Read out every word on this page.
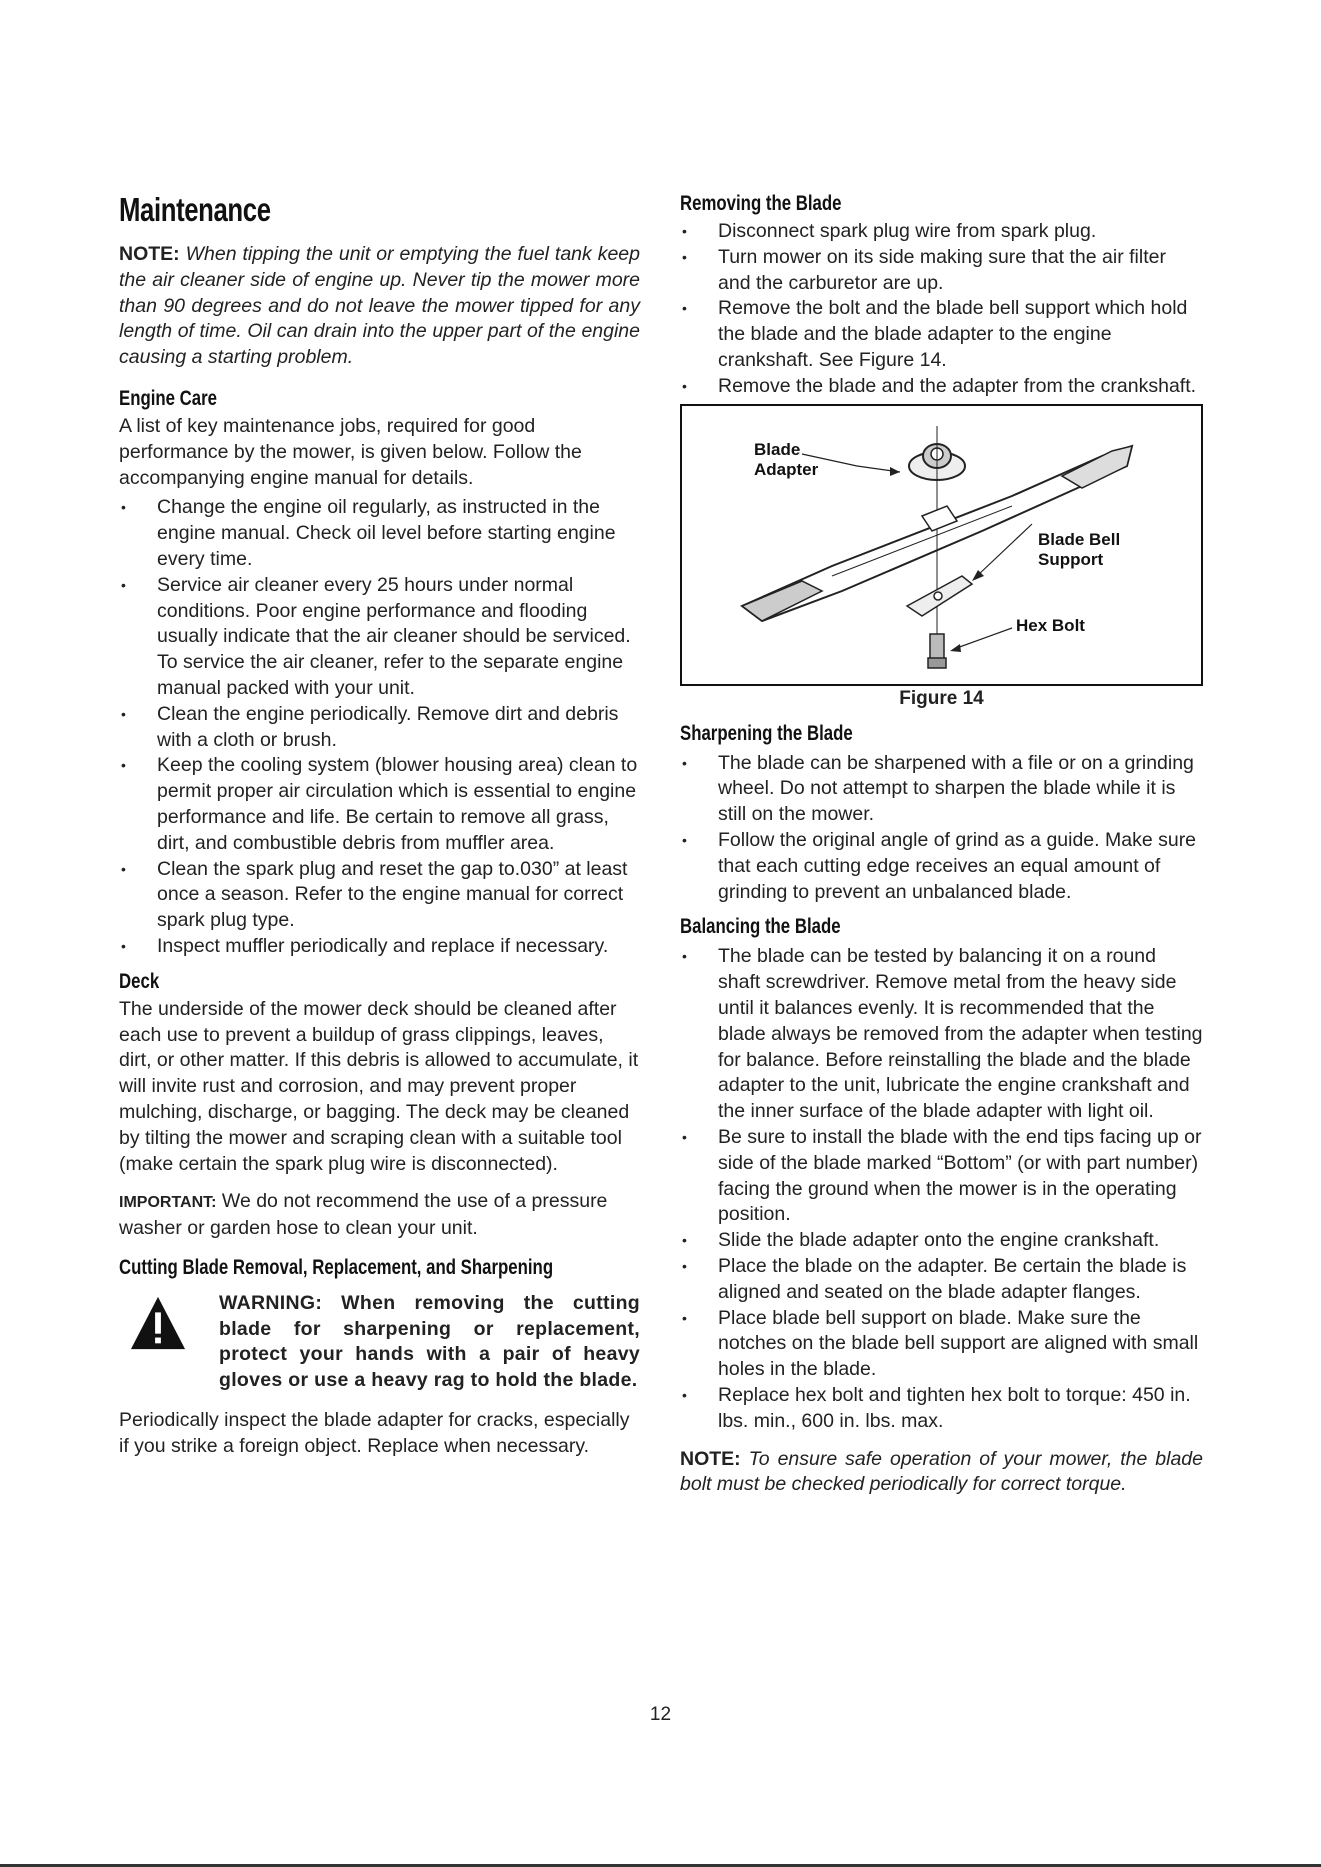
Maintenance

NOTE: When tipping the unit or emptying the fuel tank keep the air cleaner side of engine up. Never tip the mower more than 90 degrees and do not leave the mower tipped for any length of time. Oil can drain into the upper part of the engine causing a starting problem.

Engine Care

A list of key maintenance jobs, required for good performance by the mower, is given below. Follow the accompanying engine manual for details.

• Change the engine oil regularly, as instructed in the engine manual. Check oil level before starting engine every time.
• Service air cleaner every 25 hours under normal conditions. Poor engine performance and flooding usually indicate that the air cleaner should be serviced. To service the air cleaner, refer to the separate engine manual packed with your unit.
• Clean the engine periodically. Remove dirt and debris with a cloth or brush.
• Keep the cooling system (blower housing area) clean to permit proper air circulation which is essential to engine performance and life. Be certain to remove all grass, dirt, and combustible debris from muffler area.
• Clean the spark plug and reset the gap to.030” at least once a season. Refer to the engine manual for correct spark plug type.
• Inspect muffler periodically and replace if necessary.
Deck

The underside of the mower deck should be cleaned after each use to prevent a buildup of grass clippings, leaves, dirt, or other matter. If this debris is allowed to accumulate, it will invite rust and corrosion, and may prevent proper mulching, discharge, or bagging. The deck may be cleaned by tilting the mower and scraping clean with a suitable tool (make certain the spark plug wire is disconnected).

IMPORTANT: We do not recommend the use of a pressure washer or garden hose to clean your unit.

Cutting Blade Removal, Replacement, and Sharpening
WARNING: When removing the cutting blade for sharpening or replacement, protect your hands with a pair of heavy gloves or use a heavy rag to hold the blade.

Periodically inspect the blade adapter for cracks, especially if you strike a foreign object. Replace when necessary.

Removing the Blade
• Disconnect spark plug wire from spark plug.
• Turn mower on its side making sure that the air filter and the carburetor are up.
• Remove the bolt and the blade bell support which hold the blade and the blade adapter to the engine crankshaft. See Figure 14.
• Remove the blade and the adapter from the crankshaft.
Blade
Adapter
Blade Bell
Support
Hex Bolt
Figure 14
Sharpening the Blade
• The blade can be sharpened with a file or on a grinding wheel. Do not attempt to sharpen the blade while it is still on the mower.
• Follow the original angle of grind as a guide. Make sure that each cutting edge receives an equal amount of grinding to prevent an unbalanced blade.
Balancing the Blade
• The blade can be tested by balancing it on a round shaft screwdriver. Remove metal from the heavy side until it balances evenly. It is recommended that the blade always be removed from the adapter when testing for balance. Before reinstalling the blade and the blade adapter to the unit, lubricate the engine crankshaft and the inner surface of the blade adapter with light oil.
• Be sure to install the blade with the end tips facing up or side of the blade marked “Bottom” (or with part number) facing the ground when the mower is in the operating position.
• Slide the blade adapter onto the engine crankshaft.
• Place the blade on the adapter. Be certain the blade is aligned and seated on the blade adapter flanges.
• Place blade bell support on blade. Make sure the notches on the blade bell support are aligned with small holes in the blade.
• Replace hex bolt and tighten hex bolt to torque: 450 in. lbs. min., 600 in. lbs. max.

NOTE: To ensure safe operation of your mower, the blade bolt must be checked periodically for correct torque.

12
